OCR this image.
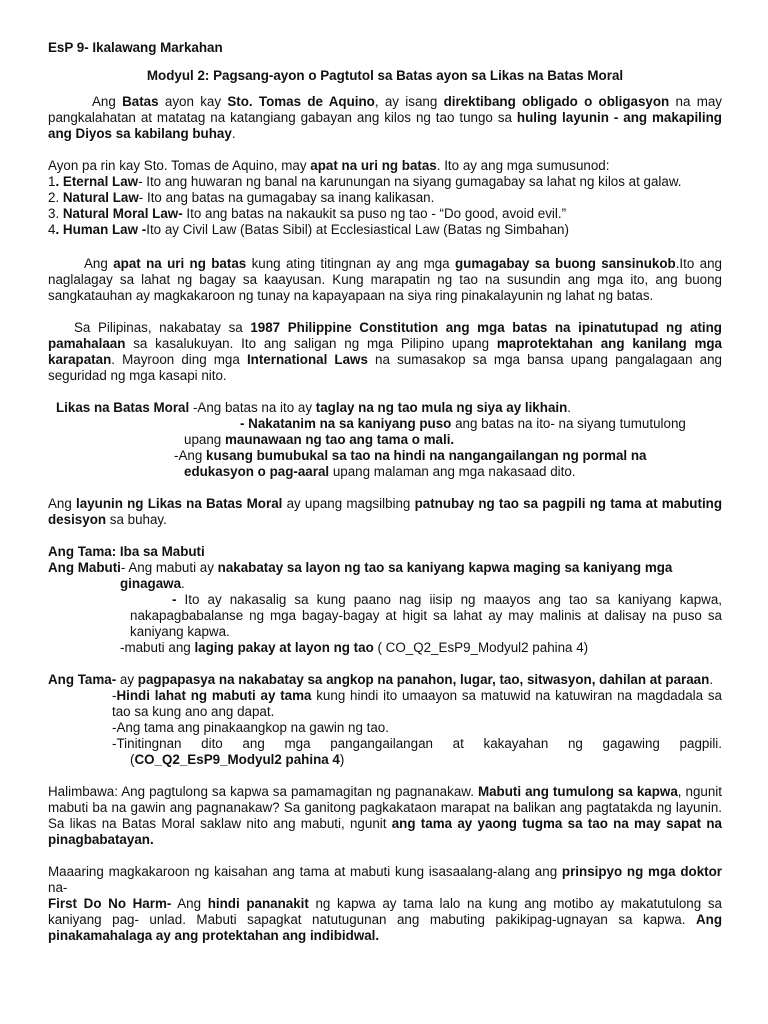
EsP 9- Ikalawang Markahan

Modyul 2: Pagsang-ayon o Pagtutol sa Batas ayon sa Likas na Batas Moral

Ang Batas ayon kay Sto. Tomas de Aquino, ay isang direktibang obligado o obligasyon na may pangkalahatan at matatag na katangiang gabayan ang kilos ng tao tungo sa huling layunin - ang makapiling ang Diyos sa kabilang buhay.

Ayon pa rin kay Sto. Tomas de Aquino, may apat na uri ng batas. Ito ay ang mga sumusunod:

1. Eternal Law- Ito ang huwaran ng banal na karunungan na siyang gumagabay sa lahat ng kilos at galaw.

2. Natural Law- Ito ang batas na gumagabay sa inang kalikasan.

3. Natural Moral Law- Ito ang batas na nakaukit sa puso ng tao - “Do good, avoid evil.”

4. Human Law -Ito ay Civil Law (Batas Sibil) at Ecclesiastical Law (Batas ng Simbahan)

Ang apat na uri ng batas kung ating titingnan ay ang mga gumagabay sa buong sansinukob.Ito ang naglalagay sa lahat ng bagay sa kaayusan. Kung marapatin ng tao na susundin ang mga ito, ang buong sangkatauhan ay magkakaroon ng tunay na kapayapaan na siya ring pinakalayunin ng lahat ng batas.

Sa Pilipinas, nakabatay sa 1987 Philippine Constitution ang mga batas na ipinatutupad ng ating pamahalaan sa kasalukuyan. Ito ang saligan ng mga Pilipino upang maprotektahan ang kanilang mga karapatan. Mayroon ding mga International Laws na sumasakop sa mga bansa upang pangalagaan ang seguridad ng mga kasapi nito.

Likas na Batas Moral -Ang batas na ito ay taglay na ng tao mula ng siya ay likhain.

- Nakatanim na sa kaniyang puso ang batas na ito- na siyang tumutulong

upang maunawaan ng tao ang tama o mali.

-Ang kusang bumubukal sa tao na hindi na nangangailangan ng pormal na

edukasyon o pag-aaral upang malaman ang mga nakasaad dito.

Ang layunin ng Likas na Batas Moral ay upang magsilbing patnubay ng tao sa pagpili ng tama at mabuting desisyon sa buhay.

Ang Tama: Iba sa Mabuti

Ang Mabuti- Ang mabuti ay nakabatay sa layon ng tao sa kaniyang kapwa maging sa kaniyang mga

ginagawa.

- Ito ay nakasalig sa kung paano nag iisip ng maayos ang tao sa kaniyang kapwa, nakapagbabalanse ng mga bagay-bagay at higit sa lahat ay may malinis at dalisay na puso sa kaniyang kapwa.

-mabuti ang laging pakay at layon ng tao ( CO_Q2_EsP9_Modyul2 pahina 4)

Ang Tama- ay pagpapasya na nakabatay sa angkop na panahon, lugar, tao, sitwasyon, dahilan at paraan.

-Hindi lahat ng mabuti ay tama kung hindi ito umaayon sa matuwid na katuwiran na magdadala sa tao sa kung ano ang dapat.

-Ang tama ang pinakaangkop na gawin ng tao.

-Tinitingnan dito ang mga pangangailangan at kakayahan ng gagawing pagpili.

(CO_Q2_EsP9_Modyul2 pahina 4)

Halimbawa: Ang pagtulong sa kapwa sa pamamagitan ng pagnanakaw. Mabuti ang tumulong sa kapwa, ngunit mabuti ba na gawin ang pagnanakaw? Sa ganitong pagkakataon marapat na balikan ang pagtatakda ng layunin. Sa likas na Batas Moral saklaw nito ang mabuti, ngunit ang tama ay yaong tugma sa tao na may sapat na pinagbabatayan.

Maaaring magkakaroon ng kaisahan ang tama at mabuti kung isasaalang-alang ang prinsipyo ng mga doktor na-

First Do No Harm- Ang hindi pananakit ng kapwa ay tama lalo na kung ang motibo ay makatutulong sa kaniyang pag- unlad. Mabuti sapagkat natutugunan ang mabuting pakikipag-ugnayan sa kapwa. Ang pinakamahalaga ay ang protektahan ang indibidwal.
